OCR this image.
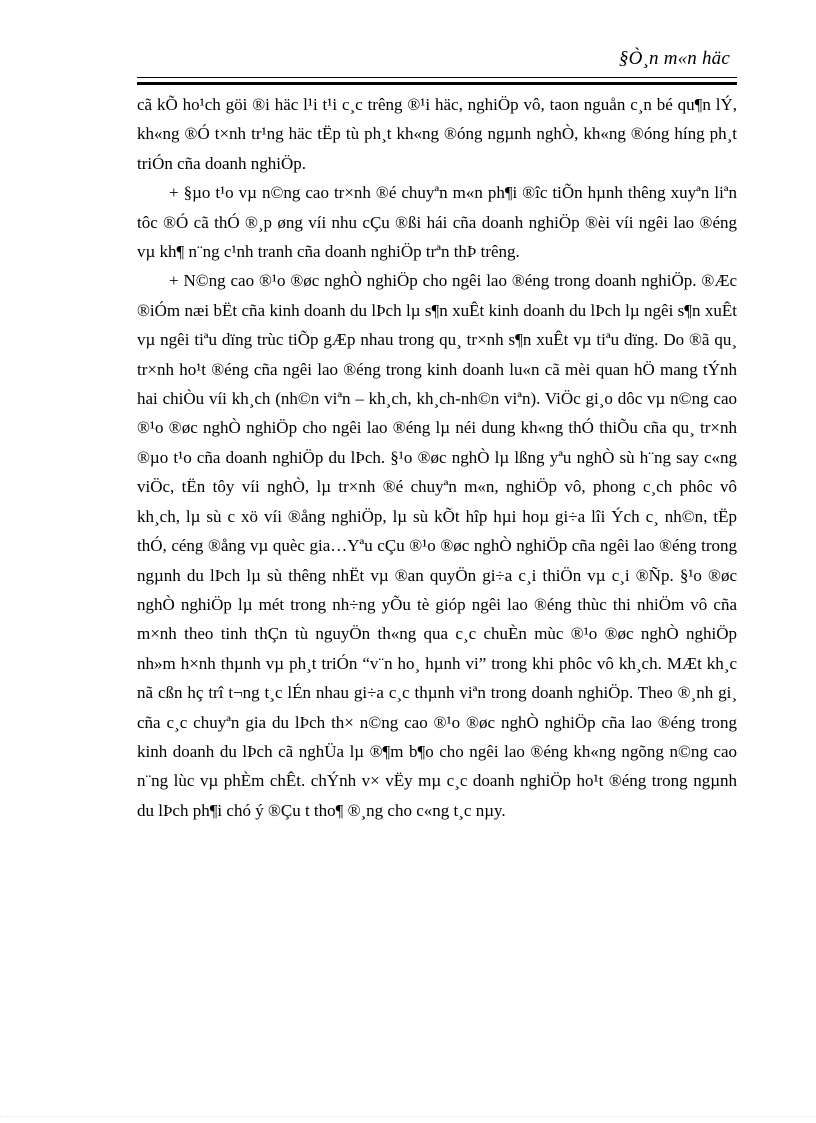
§Ò¸n m«n häc

cã kÕ ho¹ch göi ®i häc l¹i t¹i c¸c trêng ®¹i häc, nghiÖp vô, taon nguån c¸n bé qu¶n lÝ, kh«ng ®Ó t×nh tr¹ng häc tËp tù ph¸t kh«ng ®óng ngµnh nghÒ, kh«ng ®óng híng ph¸t triÓn cña doanh nghiÖp.

+ §µo t¹o vµ n©ng cao tr×nh ®é chuyªn m«n ph¶i ®îc tiÕn hµnh thêng xuyªn liªn tôc ®Ó cã thÓ ®¸p øng víi nhu cÇu ®ßi hái cña doanh nghiÖp ®èi víi ngêi lao ®éng vµ kh¶ n¨ng c¹nh tranh cña doanh nghiÖp trªn thÞ trêng.

+ N©ng cao ®¹o ®øc nghÒ nghiÖp cho ngêi lao ®éng trong doanh nghiÖp. ®Æc ®iÓm næi bËt cña kinh doanh du lÞch lµ s¶n xuÊt kinh doanh du lÞch lµ ngêi s¶n xuÊt vµ ngêi tiªu dïng trùc tiÕp gÆp nhau trong qu¸ tr×nh s¶n xuÊt vµ tiªu dïng. Do ®ã qu¸ tr×nh ho¹t ®éng cña ngêi lao ®éng trong kinh doanh lu«n cã mèi quan hÖ mang tÝnh hai chiÒu víi kh¸ch (nh©n viªn – kh¸ch, kh¸ch-nh©n viªn). ViÖc gi¸o dôc vµ n©ng cao ®¹o ®øc nghÒ nghiÖp cho ngêi lao ®éng lµ néi dung kh«ng thÓ thiÕu cña qu¸ tr×nh ®µo t¹o cña doanh nghiÖp du lÞch. §¹o ®øc nghÒ lµ lßng yªu nghÒ sù h¨ng say c«ng viÖc, tËn tôy víi nghÒ, lµ tr×nh ®é chuyªn m«n, nghiÖp vô, phong c¸ch phôc vô kh¸ch, lµ sù c xö víi ®ång nghiÖp, lµ sù kÕt hîp hµi hoµ gi÷a lîi Ých c¸ nh©n, tËp thÓ, céng ®ång vµ quèc gia…Yªu cÇu ®¹o ®øc nghÒ nghiÖp cña ngêi lao ®éng trong ngµnh du lÞch lµ sù thêng nhËt vµ ®an quyÖn gi÷a c¸i thiÖn vµ c¸i ®Ñp. §¹o ®øc nghÒ nghiÖp lµ mét trong nh÷ng yÕu tè gióp ngêi lao ®éng thùc thi nhiÖm vô cña m×nh theo tinh thÇn tù nguyÖn th«ng qua c¸c chuÈn mùc ®¹o ®øc nghÒ nghiÖp nh»m h×nh thµnh vµ ph¸t triÓn “v¨n ho¸ hµnh vi” trong khi phôc vô kh¸ch. MÆt kh¸c nã cßn hç trî t¬ng t¸c lÉn nhau gi÷a c¸c thµnh viªn trong doanh nghiÖp. Theo ®¸nh gi¸ cña c¸c chuyªn gia du lÞch th× n©ng cao ®¹o ®øc nghÒ nghiÖp cña lao ®éng trong kinh doanh du lÞch cã nghÜa lµ ®¶m b¶o cho ngêi lao ®éng kh«ng ngõng n©ng cao n¨ng lùc vµ phÈm chÊt. chÝnh v× vËy mµ c¸c doanh nghiÖp ho¹t ®éng trong ngµnh du lÞch ph¶i chó ý ®Çu t tho¶ ®¸ng cho c«ng t¸c nµy.
